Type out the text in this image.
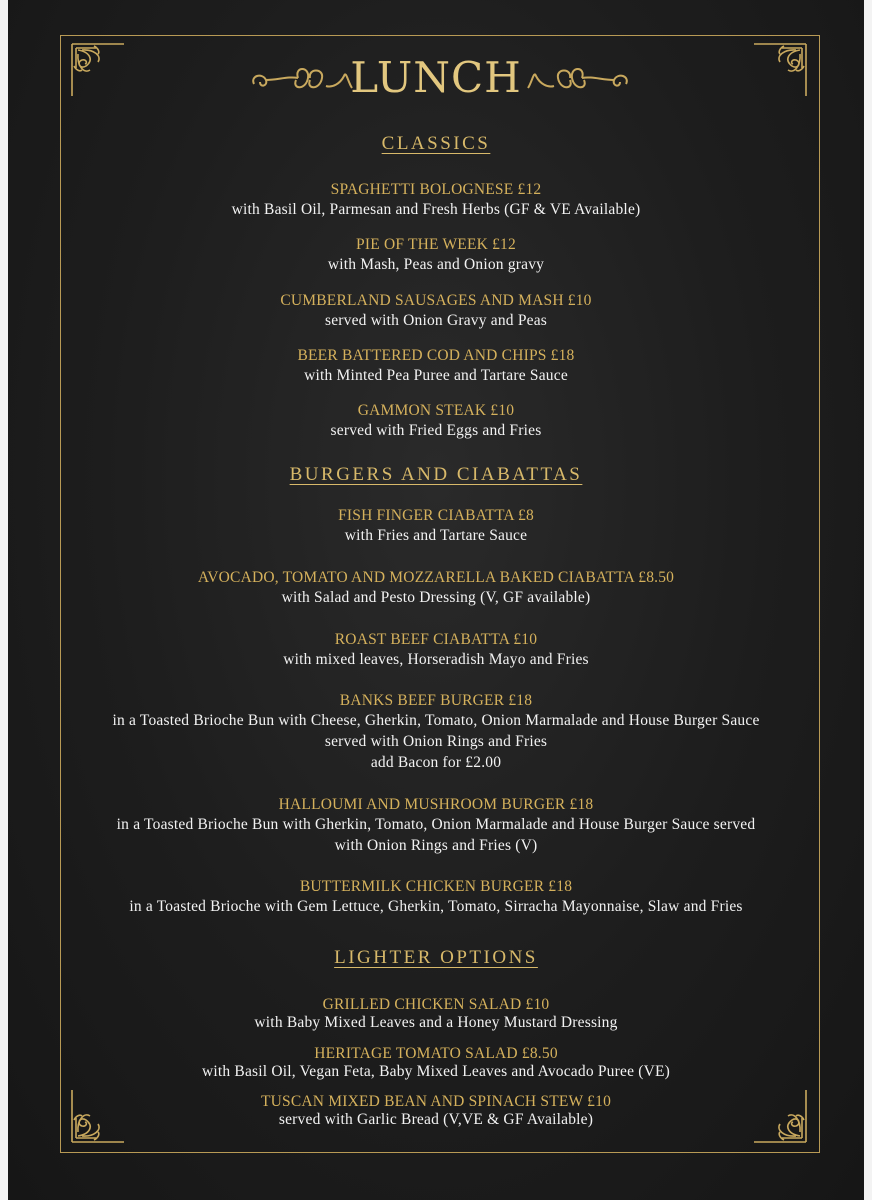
LUNCH
CLASSICS
SPAGHETTI BOLOGNESE £12
with Basil Oil, Parmesan and Fresh Herbs (GF & VE Available)
PIE OF THE WEEK £12
with Mash, Peas and Onion gravy
CUMBERLAND SAUSAGES AND MASH £10
served with Onion Gravy and Peas
BEER BATTERED COD AND CHIPS £18
with Minted Pea Puree and Tartare Sauce
GAMMON STEAK £10
served with Fried Eggs and Fries
BURGERS AND CIABATTAS
FISH FINGER CIABATTA £8
with Fries and Tartare Sauce
AVOCADO, TOMATO AND MOZZARELLA BAKED CIABATTA £8.50
with Salad and Pesto Dressing (V, GF available)
ROAST BEEF CIABATTA £10
with mixed leaves, Horseradish Mayo and Fries
BANKS BEEF BURGER £18
in a Toasted Brioche Bun with Cheese, Gherkin, Tomato, Onion Marmalade and House Burger Sauce
served with Onion Rings and Fries
add Bacon for £2.00
HALLOUMI AND MUSHROOM BURGER £18
in a Toasted Brioche Bun with Gherkin, Tomato, Onion Marmalade and House Burger Sauce served
with Onion Rings and Fries (V)
BUTTERMILK CHICKEN BURGER £18
in a Toasted Brioche with Gem Lettuce, Gherkin, Tomato, Sirracha Mayonnaise, Slaw and Fries
LIGHTER OPTIONS
GRILLED CHICKEN SALAD £10
with Baby Mixed Leaves and a Honey Mustard Dressing
HERITAGE TOMATO SALAD £8.50
with Basil Oil, Vegan Feta, Baby Mixed Leaves and Avocado Puree (VE)
TUSCAN MIXED BEAN AND SPINACH STEW £10
served with Garlic Bread (V,VE & GF Available)
